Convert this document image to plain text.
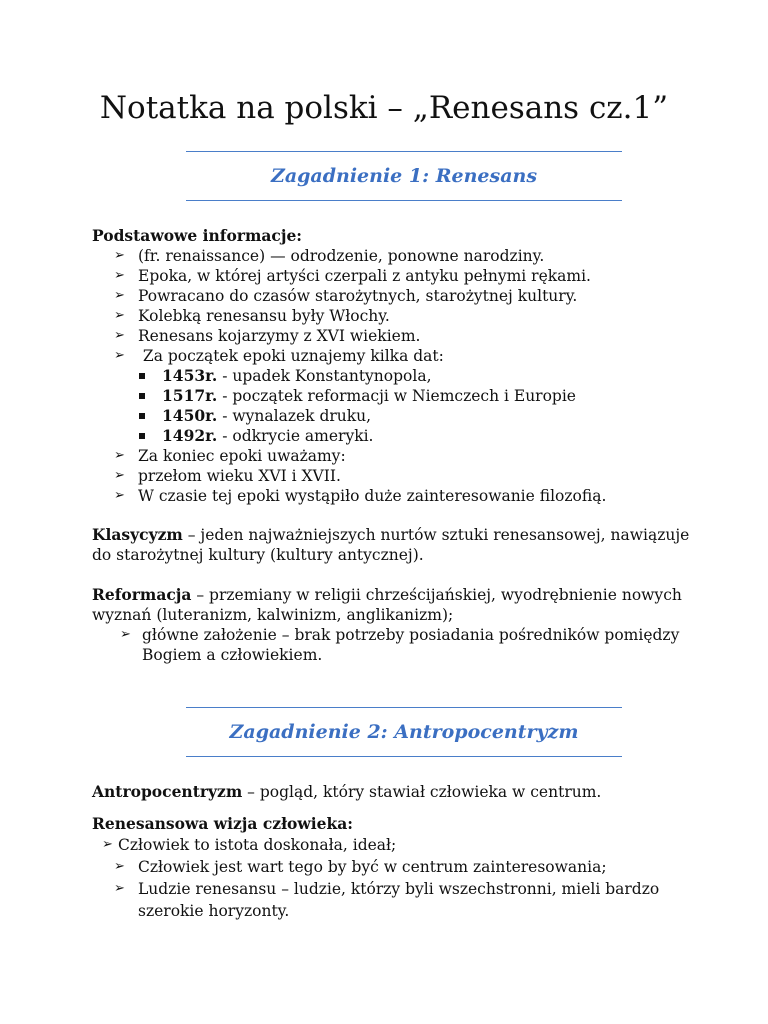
Notatka na polski – „Renesans cz.1”
Zagadnienie 1: Renesans

Podstawowe informacje:

➢ (fr. renaissance) — odrodzenie, ponowne narodziny.
➢ Epoka, w której artyści czerpali z antyku pełnymi rękami.
➢ Powracano do czasów starożytnych, starożytnej kultury.
➢ Kolebką renesansu były Włochy.
➢ Renesans kojarzymy z XVI wiekiem.
➢ Za początek epoki uznajemy kilka dat:
1453r. - upadek Konstantynopola,
1517r. - początek reformacji w Niemczech i Europie
1450r. - wynalazek druku,
1492r. - odkrycie ameryki.
➢ Za koniec epoki uważamy:
➢ przełom wieku XVI i XVII.
➢ W czasie tej epoki wystąpiło duże zainteresowanie filozofią.

Klasycyzm – jeden najważniejszych nurtów sztuki renesansowej, nawiązuje do starożytnej kultury (kultury antycznej).

Reformacja – przemiany w religii chrześcijańskiej, wyodrębnienie nowych wyznań (luteranizm, kalwinizm, anglikanizm);

➢ główne założenie – brak potrzeby posiadania pośredników pomiędzy
Bogiem a człowiekiem.
Zagadnienie 2: Antropocentryzm

Antropocentryzm – pogląd, który stawiał człowieka w centrum.

Renesansowa wizja człowieka:

➢ Człowiek to istota doskonała, ideał;
➢ Człowiek jest wart tego by być w centrum zainteresowania;
➢ Ludzie renesansu – ludzie, którzy byli wszechstronni, mieli bardzo
szerokie horyzonty.
